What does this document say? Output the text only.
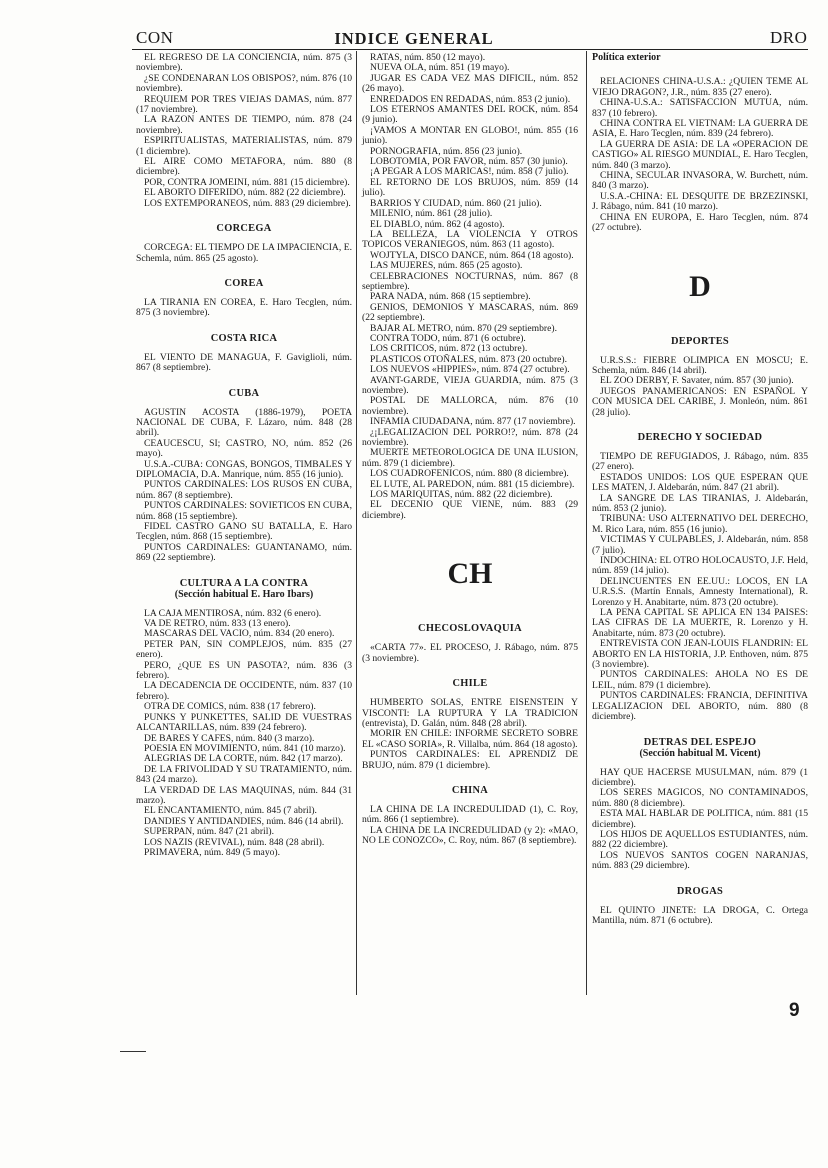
CON	INDICE GENERAL	DRO
EL REGRESO DE LA CONCIENCIA, núm. 875 (3 noviembre).
¿SE CONDENARAN LOS OBISPOS?, núm. 876 (10 noviembre).
REQUIEM POR TRES VIEJAS DAMAS, núm. 877 (17 noviembre).
LA RAZON ANTES DE TIEMPO, núm. 878 (24 noviembre).
ESPIRITUALISTAS, MATERIALISTAS, núm. 879 (1 diciembre).
EL AIRE COMO METAFORA, núm. 880 (8 diciembre).
POR, CONTRA JOMEINI, núm. 881 (15 diciembre).
EL ABORTO DIFERIDO, núm. 882 (22 diciembre).
LOS EXTEMPORANEOS, núm. 883 (29 diciembre).
CORCEGA
CORCEGA: EL TIEMPO DE LA IMPACIENCIA, E. Schemla, núm. 865 (25 agosto).
COREA
LA TIRANIA EN COREA, E. Haro Tecglen, núm. 875 (3 noviembre).
COSTA RICA
EL VIENTO DE MANAGUA, F. Gaviglioli, núm. 867 (8 septiembre).
CUBA
AGUSTIN ACOSTA (1886-1979), POETA NACIONAL DE CUBA, F. Lázaro, núm. 848 (28 abril).
CEAUCESCU, SI; CASTRO, NO, núm. 852 (26 mayo).
U.S.A.-CUBA: CONGAS, BONGOS, TIMBALES Y DIPLOMACIA, D.A. Manrique, núm. 855 (16 junio).
PUNTOS CARDINALES: LOS RUSOS EN CUBA, núm. 867 (8 septiembre).
PUNTOS CARDINALES: SOVIETICOS EN CUBA, núm. 868 (15 septiembre).
FIDEL CASTRO GANO SU BATALLA, E. Haro Tecglen, núm. 868 (15 septiembre).
PUNTOS CARDINALES: GUANTANAMO, núm. 869 (22 septiembre).
CULTURA A LA CONTRA
(Sección habitual E. Haro Ibars)
LA CAJA MENTIROSA, núm. 832 (6 enero).
VA DE RETRO, núm. 833 (13 enero).
MASCARAS DEL VACIO, núm. 834 (20 enero).
PETER PAN, SIN COMPLEJOS, núm. 835 (27 enero).
PERO, ¿QUE ES UN PASOTA?, núm. 836 (3 febrero).
LA DECADENCIA DE OCCIDENTE, núm. 837 (10 febrero).
OTRA DE COMICS, núm. 838 (17 febrero).
PUNKS Y PUNKETTES, SALID DE VUESTRAS ALCANTARILLAS, núm. 839 (24 febrero).
DE BARES Y CAFES, núm. 840 (3 marzo).
POESIA EN MOVIMIENTO, núm. 841 (10 marzo).
ALEGRIAS DE LA CORTE, núm. 842 (17 marzo).
DE LA FRIVOLIDAD Y SU TRATAMIENTO, núm. 843 (24 marzo).
LA VERDAD DE LAS MAQUINAS, núm. 844 (31 marzo).
EL ENCANTAMIENTO, núm. 845 (7 abril).
DANDIES Y ANTIDANDIES, núm. 846 (14 abril).
SUPERPAN, núm. 847 (21 abril).
LOS NAZIS (REVIVAL), núm. 848 (28 abril).
PRIMAVERA, núm. 849 (5 mayo).
RATAS, núm. 850 (12 mayo).
NUEVA OLA, núm. 851 (19 mayo).
JUGAR ES CADA VEZ MAS DIFICIL, núm. 852 (26 mayo).
ENREDADOS EN REDADAS, núm. 853 (2 junio).
LOS ETERNOS AMANTES DEL ROCK, núm. 854 (9 junio).
¡VAMOS A MONTAR EN GLOBO!, núm. 855 (16 junio).
PORNOGRAFIA, núm. 856 (23 junio).
LOBOTOMIA, POR FAVOR, núm. 857 (30 junio).
¡A PEGAR A LOS MARICAS!, núm. 858 (7 julio).
EL RETORNO DE LOS BRUJOS, núm. 859 (14 julio).
BARRIOS Y CIUDAD, núm. 860 (21 julio).
MILENIO, núm. 861 (28 julio).
EL DIABLO, núm. 862 (4 agosto).
LA BELLEZA, LA VIOLENCIA Y OTROS TOPICOS VERANIEGOS, núm. 863 (11 agosto).
WOJTYLA, DISCO DANCE, núm. 864 (18 agosto).
LAS MUJERES, núm. 865 (25 agosto).
CELEBRACIONES NOCTURNAS, núm. 867 (8 septiembre).
PARA NADA, núm. 868 (15 septiembre).
GENIOS, DEMONIOS Y MASCARAS, núm. 869 (22 septiembre).
BAJAR AL METRO, núm. 870 (29 septiembre).
CONTRA TODO, núm. 871 (6 octubre).
LOS CRITICOS, núm. 872 (13 octubre).
PLASTICOS OTOÑALES, núm. 873 (20 octubre).
LOS NUEVOS «HIPPIES», núm. 874 (27 octubre).
AVANT-GARDE, VIEJA GUARDIA, núm. 875 (3 noviembre).
POSTAL DE MALLORCA, núm. 876 (10 noviembre).
INFAMIA CIUDADANA, núm. 877 (17 noviembre).
¿¡LEGALIZACION DEL PORRO!?, núm. 878 (24 noviembre).
MUERTE METEOROLOGICA DE UNA ILUSION, núm. 879 (1 diciembre).
LOS CUADROFENICOS, núm. 880 (8 diciembre).
EL LUTE, AL PAREDON, núm. 881 (15 diciembre).
LOS MARIQUITAS, núm. 882 (22 diciembre).
EL DECENIO QUE VIENE, núm. 883 (29 diciembre).
CH
CHECOSLOVAQUIA
«CARTA 77». EL PROCESO, J. Rábago, núm. 875 (3 noviembre).
CHILE
HUMBERTO SOLAS, ENTRE EISENSTEIN Y VISCONTI: LA RUPTURA Y LA TRADICION (entrevista), D. Galán, núm. 848 (28 abril).
MORIR EN CHILE: INFORME SECRETO SOBRE EL «CASO SORIA», R. Villalba, núm. 864 (18 agosto).
PUNTOS CARDINALES: EL APRENDIZ DE BRUJO, núm. 879 (1 diciembre).
CHINA
LA CHINA DE LA INCREDULIDAD (1), C. Roy, núm. 866 (1 septiembre).
LA CHINA DE LA INCREDULIDAD (y 2): «MAO, NO LE CONOZCO», C. Roy, núm. 867 (8 septiembre).
Política exterior
RELACIONES CHINA-U.S.A.: ¿QUIEN TEME AL VIEJO DRAGON?, J.R., núm. 835 (27 enero).
CHINA-U.S.A.: SATISFACCION MUTUA, núm. 837 (10 febrero).
CHINA CONTRA EL VIETNAM: LA GUERRA DE ASIA, E. Haro Tecglen, núm. 839 (24 febrero).
LA GUERRA DE ASIA: DE LA «OPERACION DE CASTIGO» AL RIESGO MUNDIAL, E. Haro Tecglen, núm. 840 (3 marzo).
CHINA, SECULAR INVASORA, W. Burchett, núm. 840 (3 marzo).
U.S.A.-CHINA: EL DESQUITE DE BRZEZINSKI, J. Rábago, núm. 841 (10 marzo).
CHINA EN EUROPA, E. Haro Tecglen, núm. 874 (27 octubre).
D
DEPORTES
U.R.S.S.: FIEBRE OLIMPICA EN MOSCU; E. Schemla, núm. 846 (14 abril).
EL ZOO DERBY, F. Savater, núm. 857 (30 junio).
JUEGOS PANAMERICANOS: EN ESPAÑOL Y CON MUSICA DEL CARIBE, J. Monleón, núm. 861 (28 julio).
DERECHO Y SOCIEDAD
TIEMPO DE REFUGIADOS, J. Rábago, núm. 835 (27 enero).
ESTADOS UNIDOS: LOS QUE ESPERAN QUE LES MATEN, J. Aldebarán, núm. 847 (21 abril).
LA SANGRE DE LAS TIRANIAS, J. Aldebarán, núm. 853 (2 junio).
TRIBUNA: USO ALTERNATIVO DEL DERECHO, M. Rico Lara, núm. 855 (16 junio).
VICTIMAS Y CULPABLES, J. Aldebarán, núm. 858 (7 julio).
INDOCHINA: EL OTRO HOLOCAUSTO, J.F. Held, núm. 859 (14 julio).
DELINCUENTES EN EE.UU.: LOCOS, EN LA U.R.S.S. (Martín Ennals, Amnesty International), R. Lorenzo y H. Anabitarte, núm. 873 (20 octubre).
LA PENA CAPITAL SE APLICA EN 134 PAISES: LAS CIFRAS DE LA MUERTE, R. Lorenzo y H. Anabitarte, núm. 873 (20 octubre).
ENTREVISTA CON JEAN-LOUIS FLANDRIN: EL ABORTO EN LA HISTORIA, J.P. Enthoven, núm. 875 (3 noviembre).
PUNTOS CARDINALES: AHOLA NO ES DE LEIL, núm. 879 (1 diciembre).
PUNTOS CARDINALES: FRANCIA, DEFINITIVA LEGALIZACION DEL ABORTO, núm. 880 (8 diciembre).
DETRAS DEL ESPEJO
(Sección habitual M. Vicent)
HAY QUE HACERSE MUSULMAN, núm. 879 (1 diciembre).
LOS SERES MAGICOS, NO CONTAMINADOS, núm. 880 (8 diciembre).
ESTA MAL HABLAR DE POLITICA, núm. 881 (15 diciembre).
LOS HIJOS DE AQUELLOS ESTUDIANTES, núm. 882 (22 diciembre).
LOS NUEVOS SANTOS COGEN NARANJAS, núm. 883 (29 diciembre).
DROGAS
EL QUINTO JINETE: LA DROGA, C. Ortega Mantilla, núm. 871 (6 octubre).
9
